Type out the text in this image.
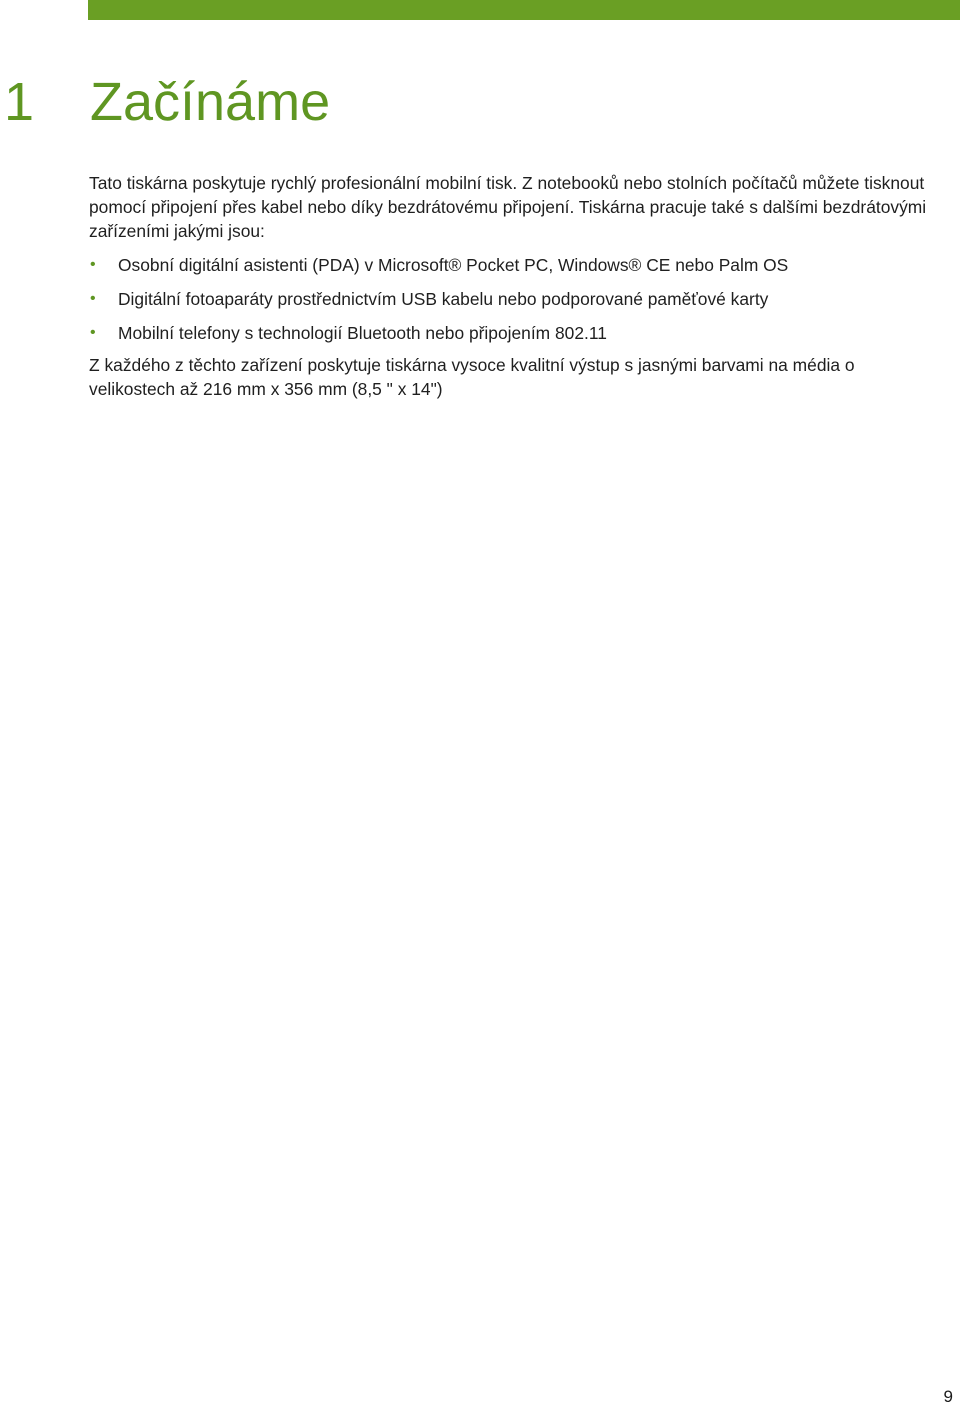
1	Začínáme

Tato tiskárna poskytuje rychlý profesionální mobilní tisk. Z notebooků nebo stolních počítačů můžete tisknout pomocí připojení přes kabel nebo díky bezdrátovému připojení. Tiskárna pracuje také s dalšími bezdrátovými zařízeními jakými jsou:

• Osobní digitální asistenti (PDA) v Microsoft® Pocket PC, Windows® CE nebo Palm OS
• Digitální fotoaparáty prostřednictvím USB kabelu nebo podporované paměťové karty
• Mobilní telefony s technologií Bluetooth nebo připojením 802.11

Z každého z těchto zařízení poskytuje tiskárna vysoce kvalitní výstup s jasnými barvami na média o velikostech až 216 mm x 356 mm (8,5 " x 14")

9
